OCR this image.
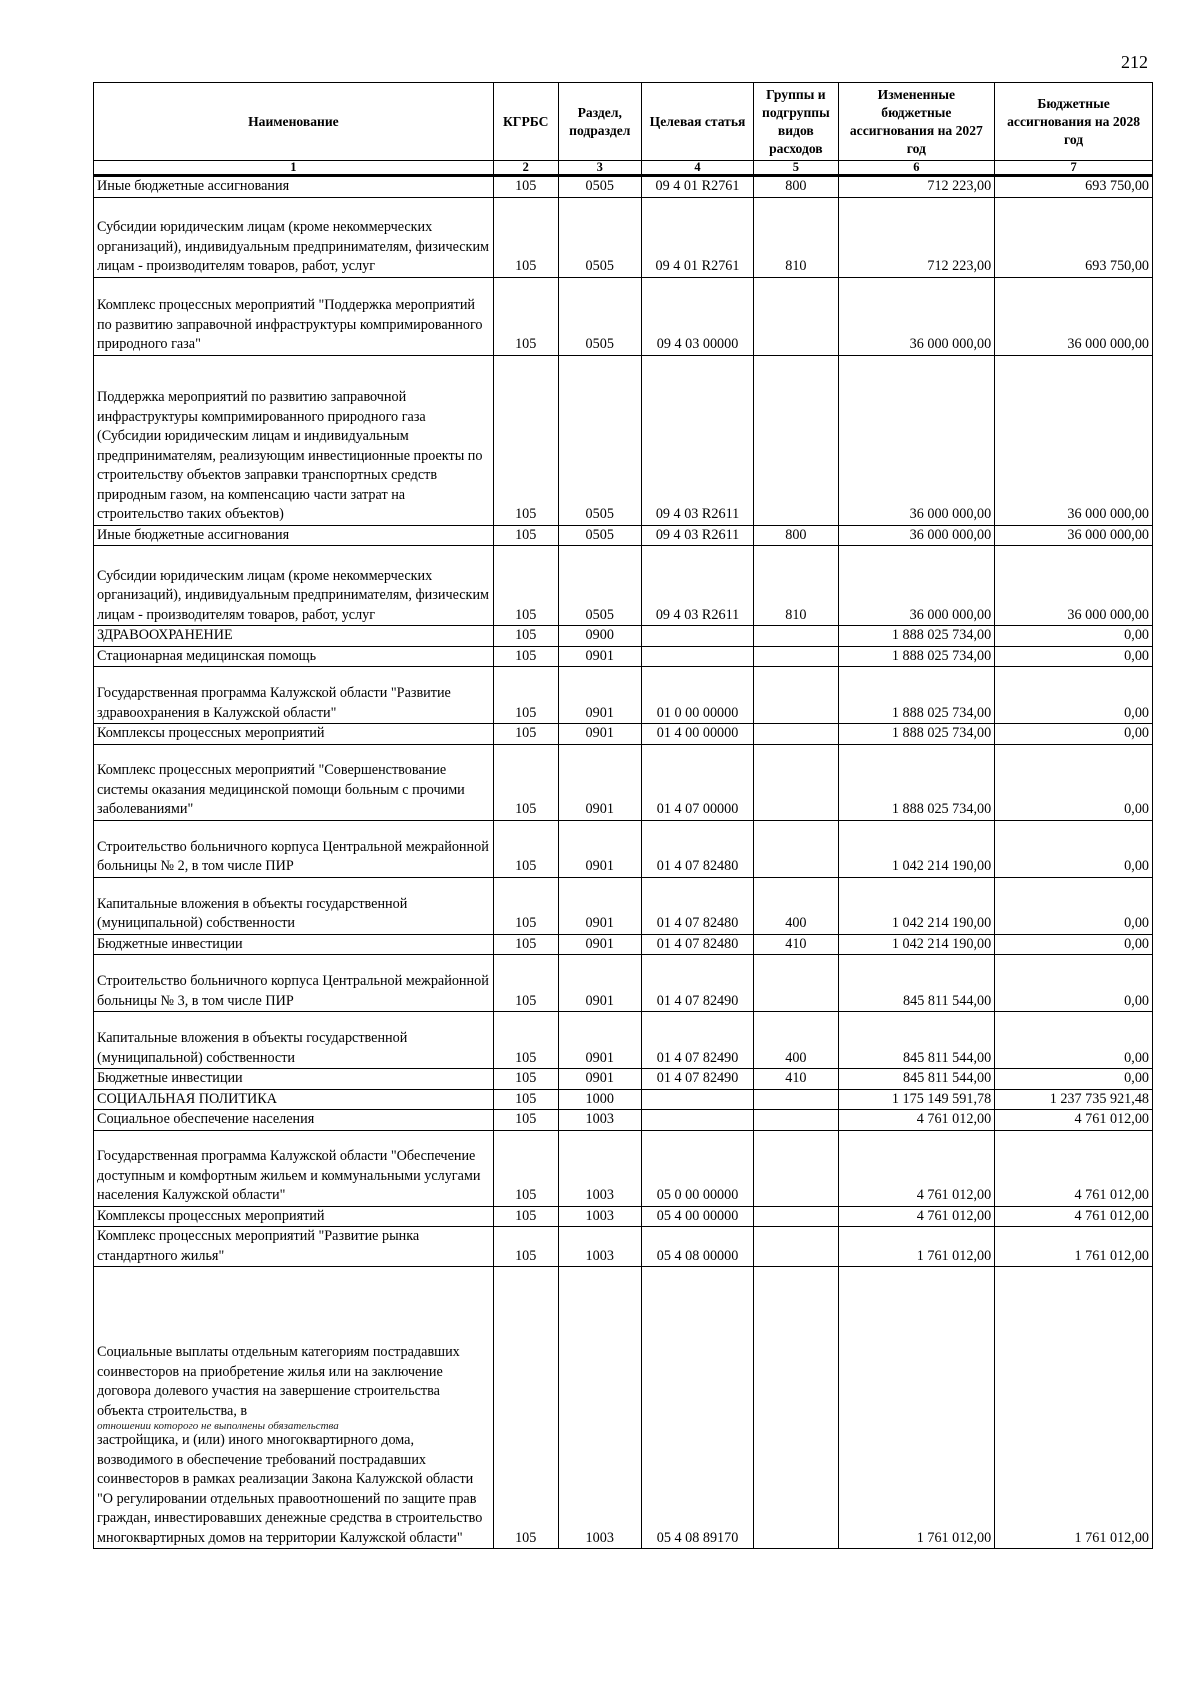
212
Наименование	КГРБС	Раздел, подраздел	Целевая статья	Группы и подгруппы видов расходов	Измененные бюджетные ассигнования на 2027 год	Бюджетные ассигнования на 2028 год
1	2	3	4	5	6	7
Иные бюджетные ассигнования	105	0505	09 4 01 R2761	800	712 223,00	693 750,00
Субсидии юридическим лицам (кроме некоммерческих организаций), индивидуальным предпринимателям, физическим лицам - производителям товаров, работ, услуг	105	0505	09 4 01 R2761	810	712 223,00	693 750,00
Комплекс процессных мероприятий "Поддержка мероприятий по развитию заправочной инфраструктуры компримированного природного газа"	105	0505	09 4 03 00000		36 000 000,00	36 000 000,00
Поддержка мероприятий по развитию заправочной инфраструктуры компримированного природного газа (Субсидии юридическим лицам и индивидуальным предпринимателям, реализующим инвестиционные проекты по строительству объектов заправки транспортных средств природным газом, на компенсацию части затрат на строительство таких объектов)	105	0505	09 4 03 R2611		36 000 000,00	36 000 000,00
Иные бюджетные ассигнования	105	0505	09 4 03 R2611	800	36 000 000,00	36 000 000,00
Субсидии юридическим лицам (кроме некоммерческих организаций), индивидуальным предпринимателям, физическим лицам - производителям товаров, работ, услуг	105	0505	09 4 03 R2611	810	36 000 000,00	36 000 000,00
ЗДРАВООХРАНЕНИЕ	105	0900			1 888 025 734,00	0,00
Стационарная медицинская помощь	105	0901			1 888 025 734,00	0,00
Государственная программа Калужской области "Развитие здравоохранения в Калужской области"	105	0901	01 0 00 00000		1 888 025 734,00	0,00
Комплексы процессных мероприятий	105	0901	01 4 00 00000		1 888 025 734,00	0,00
Комплекс процессных мероприятий "Совершенствование системы оказания медицинской помощи больным с прочими заболеваниями"	105	0901	01 4 07 00000		1 888 025 734,00	0,00
Строительство больничного корпуса Центральной межрайонной больницы № 2, в том числе ПИР	105	0901	01 4 07 82480		1 042 214 190,00	0,00
Капитальные вложения в объекты государственной (муниципальной) собственности	105	0901	01 4 07 82480	400	1 042 214 190,00	0,00
Бюджетные инвестиции	105	0901	01 4 07 82480	410	1 042 214 190,00	0,00
Строительство больничного корпуса Центральной межрайонной больницы № 3, в том числе ПИР	105	0901	01 4 07 82490		845 811 544,00	0,00
Капитальные вложения в объекты государственной (муниципальной) собственности	105	0901	01 4 07 82490	400	845 811 544,00	0,00
Бюджетные инвестиции	105	0901	01 4 07 82490	410	845 811 544,00	0,00
СОЦИАЛЬНАЯ ПОЛИТИКА	105	1000			1 175 149 591,78	1 237 735 921,48
Социальное обеспечение населения	105	1003			4 761 012,00	4 761 012,00
Государственная программа Калужской области "Обеспечение доступным и комфортным жильем и коммунальными услугами населения Калужской области"	105	1003	05 0 00 00000		4 761 012,00	4 761 012,00
Комплексы процессных мероприятий	105	1003	05 4 00 00000		4 761 012,00	4 761 012,00
Комплекс процессных мероприятий "Развитие рынка стандартного жилья"	105	1003	05 4 08 00000		1 761 012,00	1 761 012,00
Социальные выплаты отдельным категориям пострадавших соинвесторов на приобретение жилья или на заключение договора долевого участия на завершение строительства объекта строительства, в
отношении которого не выполнены обязательства
застройщика, и (или) иного многоквартирного дома, возводимого в обеспечение требований пострадавших соинвесторов в рамках реализации Закона Калужской области "О регулировании отдельных правоотношений по защите прав граждан, инвестировавших денежные средства в строительство многоквартирных домов на территории Калужской области"	105	1003	05 4 08 89170		1 761 012,00	1 761 012,00
